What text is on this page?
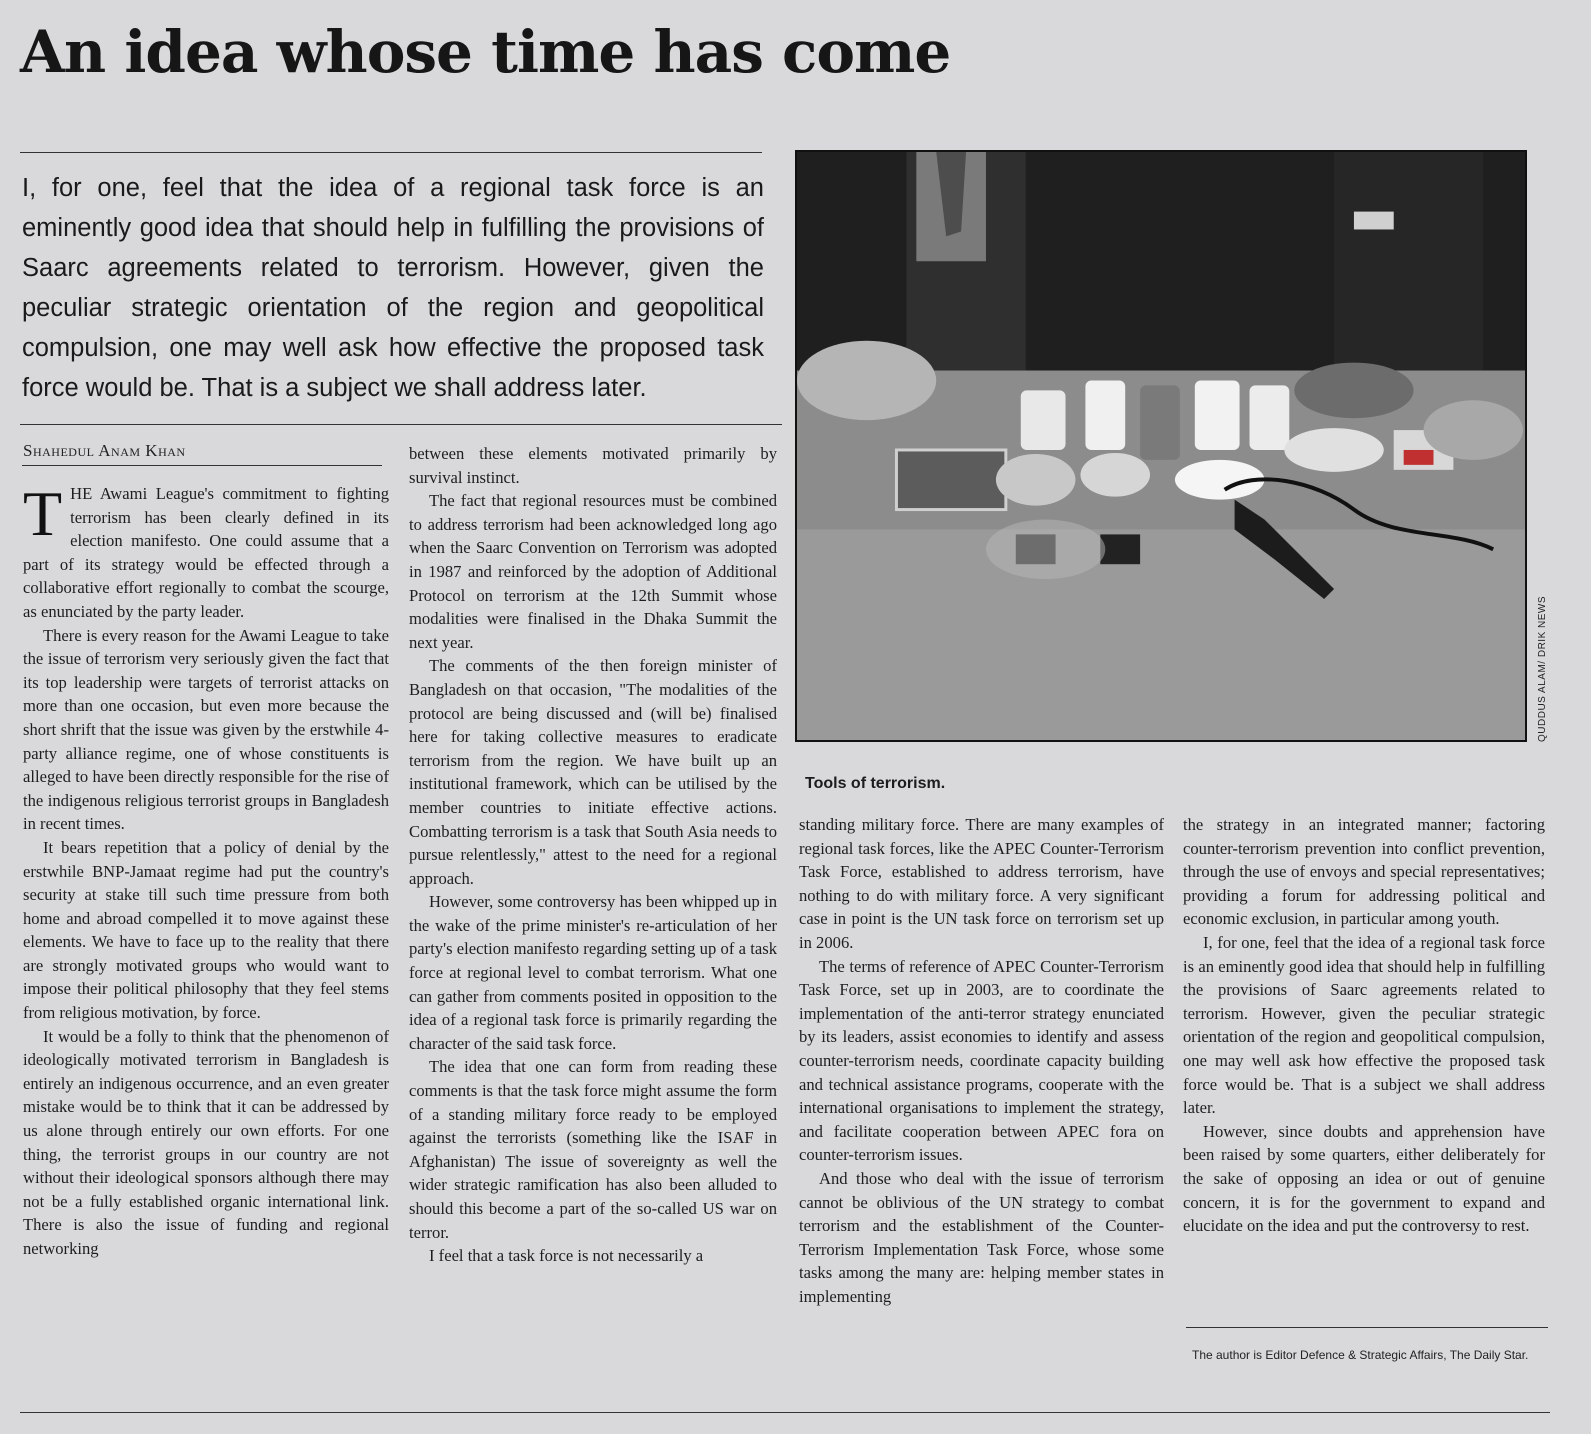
An idea whose time has come

I, for one, feel that the idea of a regional task force is an eminently good idea that should help in fulfilling the provisions of Saarc agreements related to terrorism. However, given the peculiar strategic orientation of the region and geopolitical compulsion, one may well ask how effective the proposed task force would be. That is a subject we shall address later.

QUDDUS ALAM/ DRIK NEWS
Tools of terrorism.
Shahedul Anam Khan

THE Awami League's commitment to fighting terrorism has been clearly defined in its election manifesto. One could assume that a part of its strategy would be effected through a collaborative effort regionally to combat the scourge, as enunciated by the party leader.

There is every reason for the Awami League to take the issue of terrorism very seriously given the fact that its top leadership were targets of terrorist attacks on more than one occasion, but even more because the short shrift that the issue was given by the erstwhile 4-party alliance regime, one of whose constituents is alleged to have been directly responsible for the rise of the indigenous religious terrorist groups in Bangladesh in recent times.

It bears repetition that a policy of denial by the erstwhile BNP-Jamaat regime had put the country's security at stake till such time pressure from both home and abroad compelled it to move against these elements. We have to face up to the reality that there are strongly motivated groups who would want to impose their political philosophy that they feel stems from religious motivation, by force.

It would be a folly to think that the phenomenon of ideologically motivated terrorism in Bangladesh is entirely an indigenous occurrence, and an even greater mistake would be to think that it can be addressed by us alone through entirely our own efforts. For one thing, the terrorist groups in our country are not without their ideological sponsors although there may not be a fully established organic international link. There is also the issue of funding and regional networking

between these elements motivated primarily by survival instinct.

The fact that regional resources must be combined to address terrorism had been acknowledged long ago when the Saarc Convention on Terrorism was adopted in 1987 and reinforced by the adoption of Additional Protocol on terrorism at the 12th Summit whose modalities were finalised in the Dhaka Summit the next year.

The comments of the then foreign minister of Bangladesh on that occasion, "The modalities of the protocol are being discussed and (will be) finalised here for taking collective measures to eradicate terrorism from the region. We have built up an institutional framework, which can be utilised by the member countries to initiate effective actions. Combatting terrorism is a task that South Asia needs to pursue relentlessly," attest to the need for a regional approach.

However, some controversy has been whipped up in the wake of the prime minister's re-articulation of her party's election manifesto regarding setting up of a task force at regional level to combat terrorism. What one can gather from comments posited in opposition to the idea of a regional task force is primarily regarding the character of the said task force.

The idea that one can form from reading these comments is that the task force might assume the form of a standing military force ready to be employed against the terrorists (something like the ISAF in Afghanistan) The issue of sovereignty as well the wider strategic ramification has also been alluded to should this become a part of the so-called US war on terror.

I feel that a task force is not necessarily a

standing military force. There are many examples of regional task forces, like the APEC Counter-Terrorism Task Force, established to address terrorism, have nothing to do with military force. A very significant case in point is the UN task force on terrorism set up in 2006.

The terms of reference of APEC Counter-Terrorism Task Force, set up in 2003, are to coordinate the implementation of the anti-terror strategy enunciated by its leaders, assist economies to identify and assess counter-terrorism needs, coordinate capacity building and technical assistance programs, cooperate with the international organisations to implement the strategy, and facilitate cooperation between APEC fora on counter-terrorism issues.

And those who deal with the issue of terrorism cannot be oblivious of the UN strategy to combat terrorism and the establishment of the Counter-Terrorism Implementation Task Force, whose some tasks among the many are: helping member states in implementing

the strategy in an integrated manner; factoring counter-terrorism prevention into conflict prevention, through the use of envoys and special representatives; providing a forum for addressing political and economic exclusion, in particular among youth.

I, for one, feel that the idea of a regional task force is an eminently good idea that should help in fulfilling the provisions of Saarc agreements related to terrorism. However, given the peculiar strategic orientation of the region and geopolitical compulsion, one may well ask how effective the proposed task force would be. That is a subject we shall address later.

However, since doubts and apprehension have been raised by some quarters, either deliberately for the sake of opposing an idea or out of genuine concern, it is for the government to expand and elucidate on the idea and put the controversy to rest.

The author is Editor Defence & Strategic Affairs, The Daily Star.
